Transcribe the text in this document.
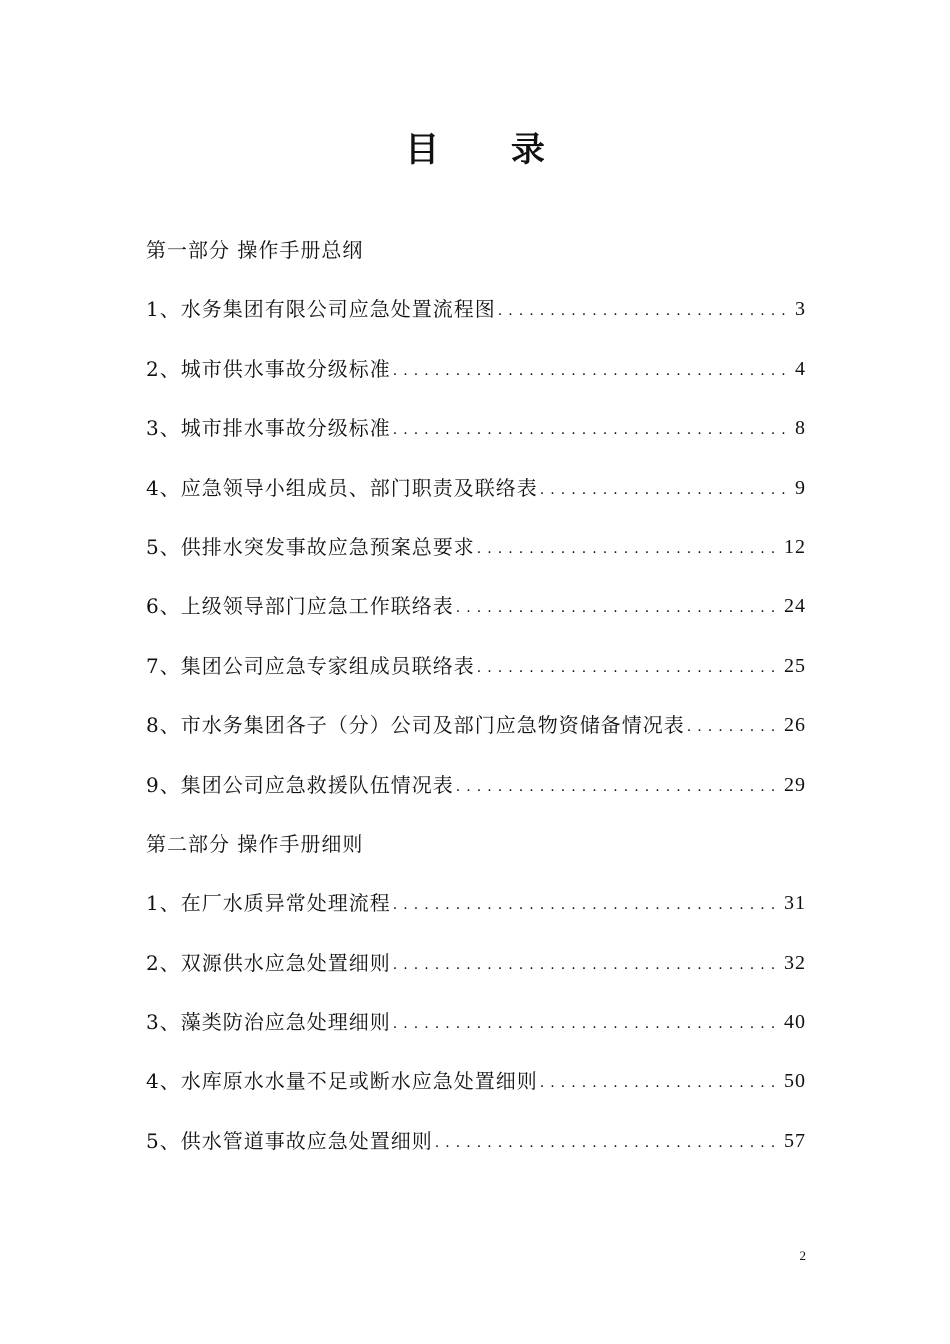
目 录
第一部分 操作手册总纲
1、水务集团有限公司应急处置流程图 . . .	3
2、城市供水事故分级标准 . . .	4
3、城市排水事故分级标准 . . .	8
4、应急领导小组成员、部门职责及联络表 . . .	9
5、供排水突发事故应急预案总要求 . . .	12
6、上级领导部门应急工作联络表 . . .	24
7、集团公司应急专家组成员联络表 . . .	25
8、市水务集团各子（分）公司及部门应急物资储备情况表 . . .	26
9、集团公司应急救援队伍情况表 . . .	29
第二部分 操作手册细则
1、在厂水质异常处理流程 . . .	31
2、双源供水应急处置细则 . . .	32
3、藻类防治应急处理细则 . . .	40
4、水库原水水量不足或断水应急处置细则 . . .	50
5、供水管道事故应急处置细则 . . .	57
2
